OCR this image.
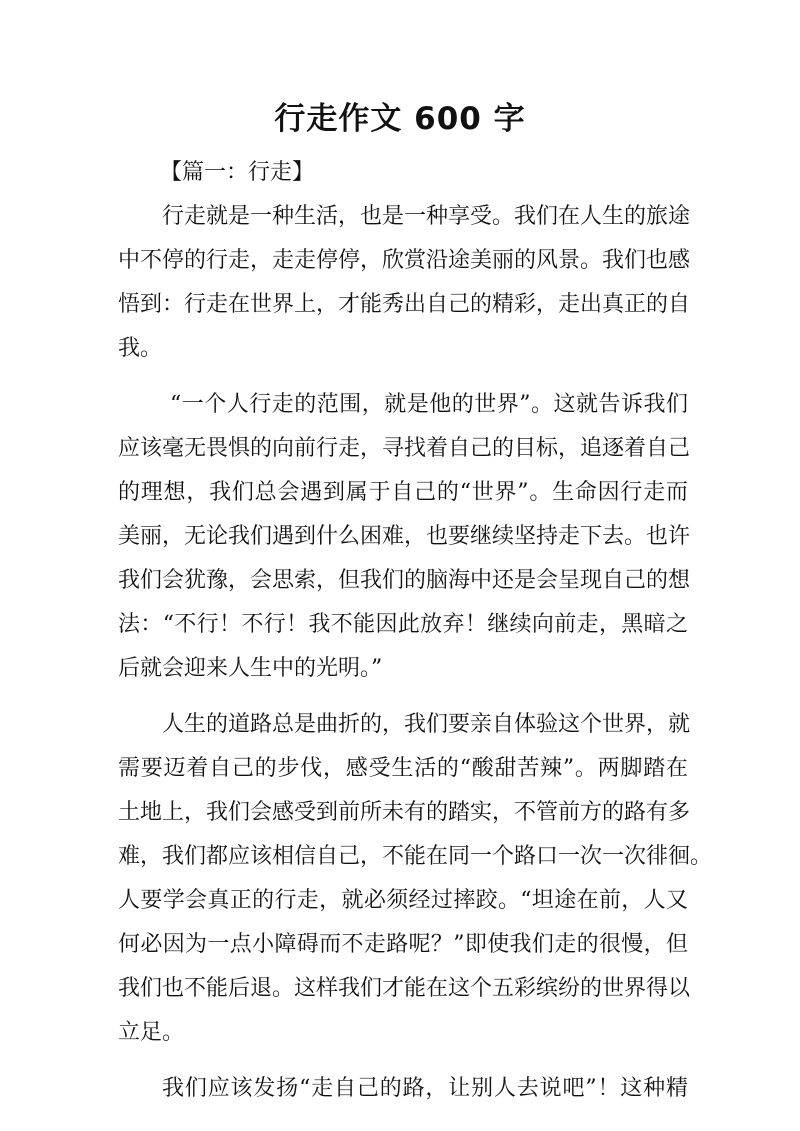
行走作文 600 字
【篇一：行走】

行走就是一种生活，也是一种享受。我们在人生的旅途
中不停的行走，走走停停，欣赏沿途美丽的风景。我们也感
悟到：行走在世界上，才能秀出自己的精彩，走出真正的自
我。

“一个人行走的范围，就是他的世界”。这就告诉我们
应该毫无畏惧的向前行走，寻找着自己的目标，追逐着自己
的理想，我们总会遇到属于自己的“世界”。生命因行走而
美丽，无论我们遇到什么困难，也要继续坚持走下去。也许
我们会犹豫，会思索，但我们的脑海中还是会呈现自己的想
法：“不行！不行！我不能因此放弃！继续向前走，黑暗之
后就会迎来人生中的光明。”

人生的道路总是曲折的，我们要亲自体验这个世界，就
需要迈着自己的步伐，感受生活的“酸甜苦辣”。两脚踏在
土地上，我们会感受到前所未有的踏实，不管前方的路有多
难，我们都应该相信自己，不能在同一个路口一次一次徘徊。
人要学会真正的行走，就必须经过摔跤。“坦途在前，人又
何必因为一点小障碍而不走路呢？”即使我们走的很慢，但
我们也不能后退。这样我们才能在这个五彩缤纷的世界得以
立足。

我们应该发扬“走自己的路，让别人去说吧”！这种精
